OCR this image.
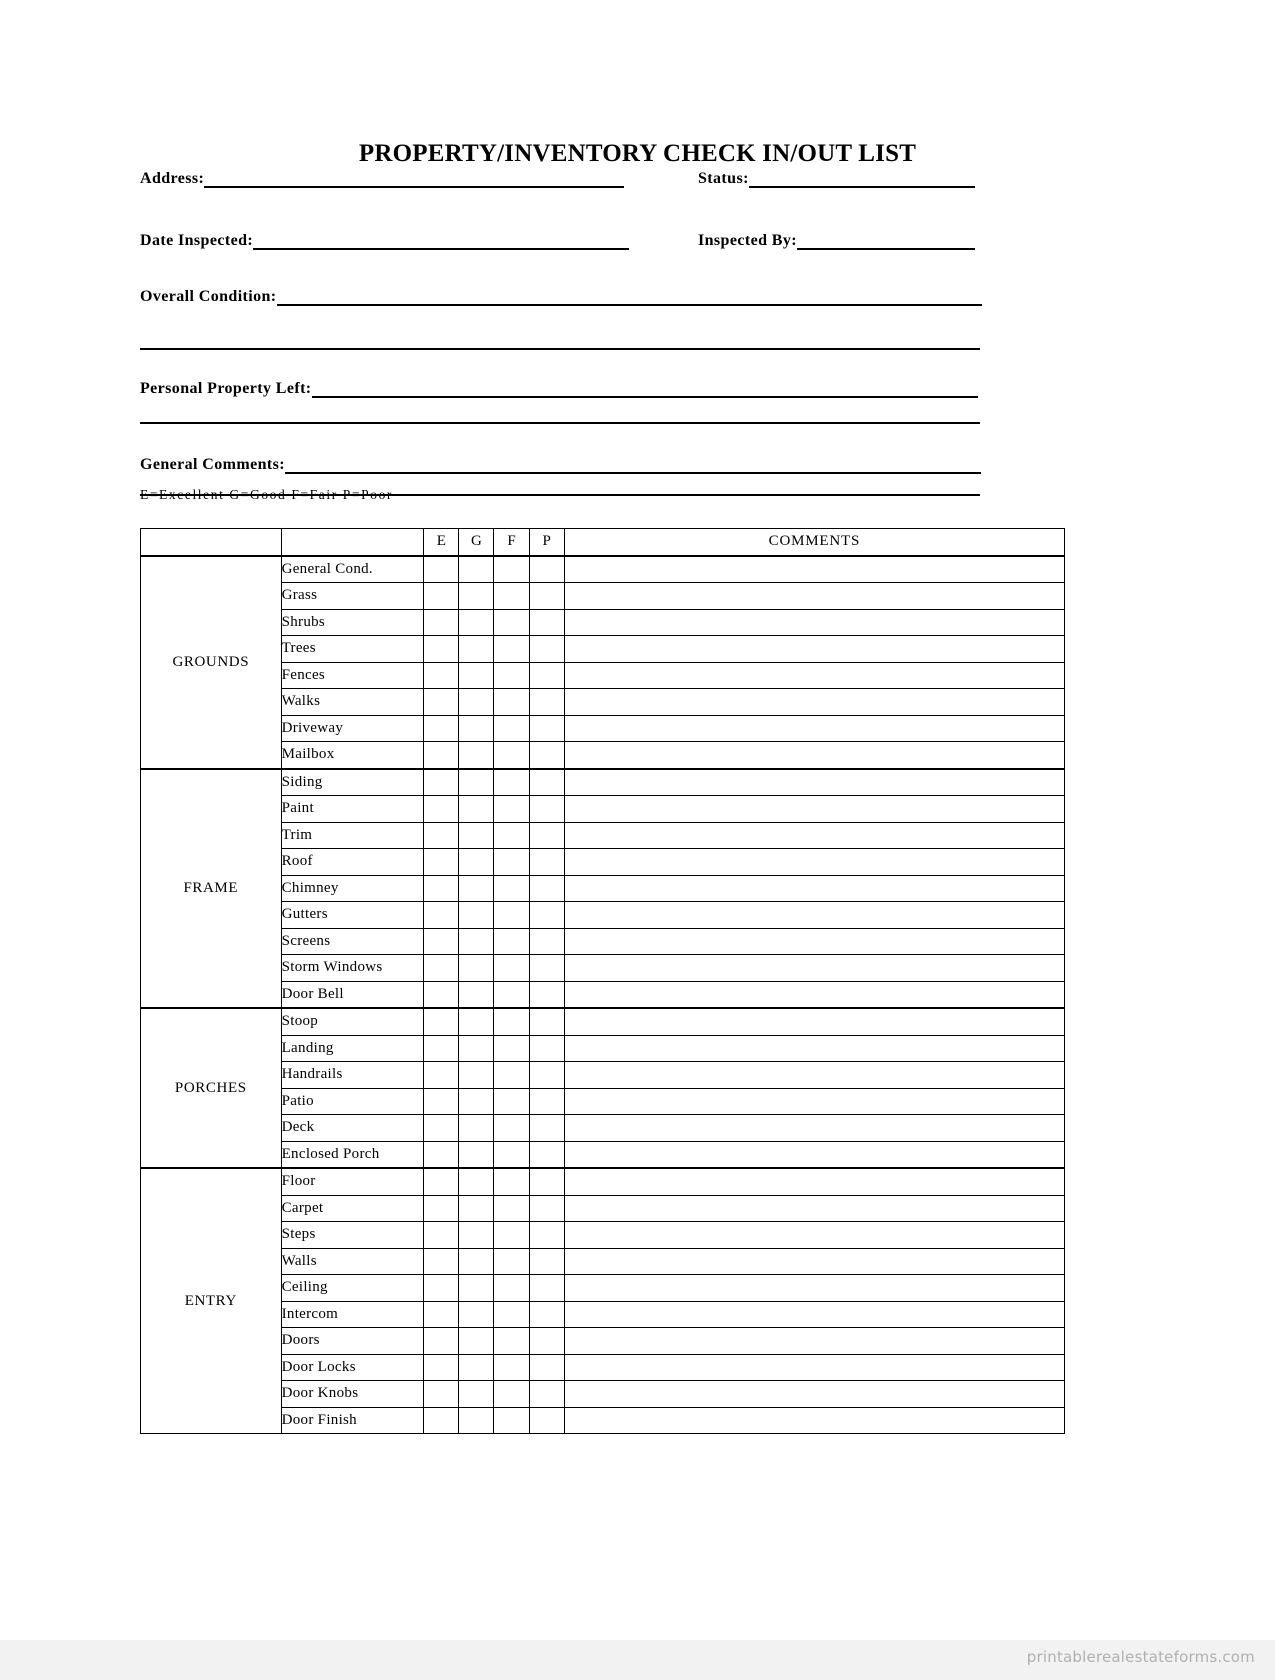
PROPERTY/INVENTORY CHECK IN/OUT LIST
Address:	Status:
Date Inspected:	Inspected By:
Overall Condition:
Personal Property Left:
General Comments:
E=Excellent G=Good F=Fair P=Poor
		E	G	F	P	COMMENTS
GROUNDS	General Cond.					
	Grass					
	Shrubs					
	Trees					
	Fences					
	Walks					
	Driveway					
	Mailbox					
FRAME	Siding					
	Paint					
	Trim					
	Roof					
	Chimney					
	Gutters					
	Screens					
	Storm Windows					
	Door Bell					
PORCHES	Stoop					
	Landing					
	Handrails					
	Patio					
	Deck					
	Enclosed Porch					
ENTRY	Floor					
	Carpet					
	Steps					
	Walls					
	Ceiling					
	Intercom					
	Doors					
	Door Locks					
	Door Knobs					
	Door Finish					
printablerealestateforms.com
